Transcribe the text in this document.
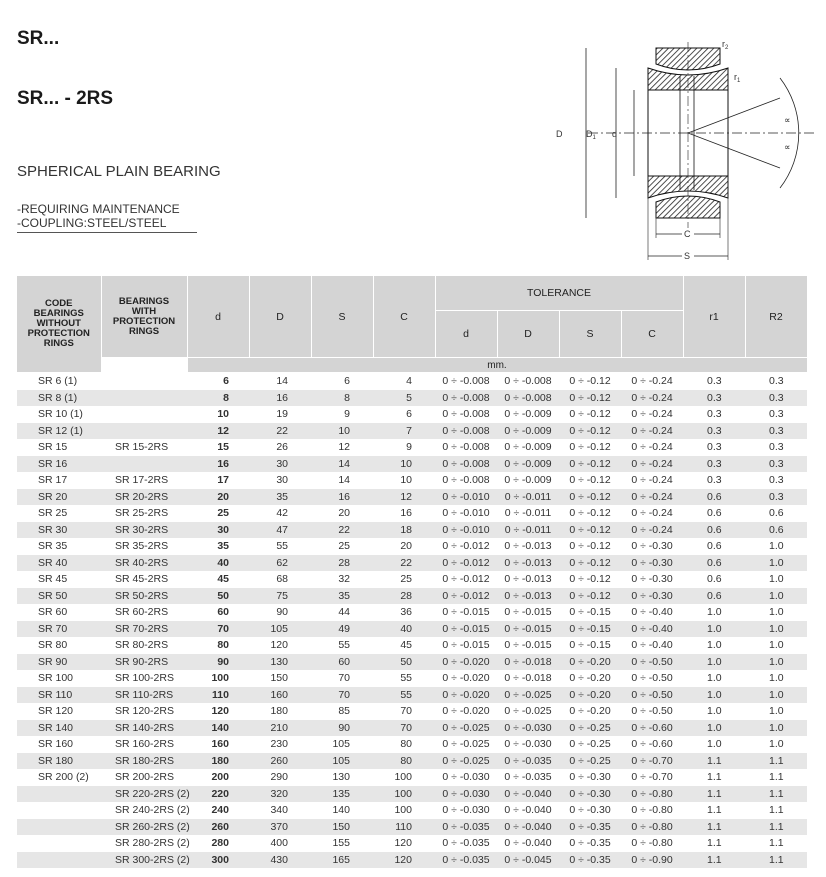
SR...
SR... - 2RS
SPHERICAL PLAIN BEARING
-REQUIRING MAINTENANCE
-COUPLING:STEEL/STEEL
D	$D_1$ d
∝
∝
$r_2$
$r_1$
C
S
CODE BEARINGS WITHOUT PROTECTION RINGS	BEARINGS WITH PROTECTION RINGS	d	D	S	C	TOLERANCE				r1	R2
						d	D	S	C		
		mm.									
SR 6 (1)		6	14	6	4	0 ÷ -0.008	0 ÷ -0.008	0 ÷ -0.12	0 ÷ -0.24	0.3	0.3
SR 8 (1)		8	16	8	5	0 ÷ -0.008	0 ÷ -0.008	0 ÷ -0.12	0 ÷ -0.24	0.3	0.3
SR 10 (1)		10	19	9	6	0 ÷ -0.008	0 ÷ -0.009	0 ÷ -0.12	0 ÷ -0.24	0.3	0.3
SR 12 (1)		12	22	10	7	0 ÷ -0.008	0 ÷ -0.009	0 ÷ -0.12	0 ÷ -0.24	0.3	0.3
SR 15	SR 15-2RS	15	26	12	9	0 ÷ -0.008	0 ÷ -0.009	0 ÷ -0.12	0 ÷ -0.24	0.3	0.3
SR 16		16	30	14	10	0 ÷ -0.008	0 ÷ -0.009	0 ÷ -0.12	0 ÷ -0.24	0.3	0.3
SR 17	SR 17-2RS	17	30	14	10	0 ÷ -0.008	0 ÷ -0.009	0 ÷ -0.12	0 ÷ -0.24	0.3	0.3
SR 20	SR 20-2RS	20	35	16	12	0 ÷ -0.010	0 ÷ -0.011	0 ÷ -0.12	0 ÷ -0.24	0.6	0.3
SR 25	SR 25-2RS	25	42	20	16	0 ÷ -0.010	0 ÷ -0.011	0 ÷ -0.12	0 ÷ -0.24	0.6	0.6
SR 30	SR 30-2RS	30	47	22	18	0 ÷ -0.010	0 ÷ -0.011	0 ÷ -0.12	0 ÷ -0.24	0.6	0.6
SR 35	SR 35-2RS	35	55	25	20	0 ÷ -0.012	0 ÷ -0.013	0 ÷ -0.12	0 ÷ -0.30	0.6	1.0
SR 40	SR 40-2RS	40	62	28	22	0 ÷ -0.012	0 ÷ -0.013	0 ÷ -0.12	0 ÷ -0.30	0.6	1.0
SR 45	SR 45-2RS	45	68	32	25	0 ÷ -0.012	0 ÷ -0.013	0 ÷ -0.12	0 ÷ -0.30	0.6	1.0
SR 50	SR 50-2RS	50	75	35	28	0 ÷ -0.012	0 ÷ -0.013	0 ÷ -0.12	0 ÷ -0.30	0.6	1.0
SR 60	SR 60-2RS	60	90	44	36	0 ÷ -0.015	0 ÷ -0.015	0 ÷ -0.15	0 ÷ -0.40	1.0	1.0
SR 70	SR 70-2RS	70	105	49	40	0 ÷ -0.015	0 ÷ -0.015	0 ÷ -0.15	0 ÷ -0.40	1.0	1.0
SR 80	SR 80-2RS	80	120	55	45	0 ÷ -0.015	0 ÷ -0.015	0 ÷ -0.15	0 ÷ -0.40	1.0	1.0
SR 90	SR 90-2RS	90	130	60	50	0 ÷ -0.020	0 ÷ -0.018	0 ÷ -0.20	0 ÷ -0.50	1.0	1.0
SR 100	SR 100-2RS	100	150	70	55	0 ÷ -0.020	0 ÷ -0.018	0 ÷ -0.20	0 ÷ -0.50	1.0	1.0
SR 110	SR 110-2RS	110	160	70	55	0 ÷ -0.020	0 ÷ -0.025	0 ÷ -0.20	0 ÷ -0.50	1.0	1.0
SR 120	SR 120-2RS	120	180	85	70	0 ÷ -0.020	0 ÷ -0.025	0 ÷ -0.20	0 ÷ -0.50	1.0	1.0
SR 140	SR 140-2RS	140	210	90	70	0 ÷ -0.025	0 ÷ -0.030	0 ÷ -0.25	0 ÷ -0.60	1.0	1.0
SR 160	SR 160-2RS	160	230	105	80	0 ÷ -0.025	0 ÷ -0.030	0 ÷ -0.25	0 ÷ -0.60	1.0	1.0
SR 180	SR 180-2RS	180	260	105	80	0 ÷ -0.025	0 ÷ -0.035	0 ÷ -0.25	0 ÷ -0.70	1.1	1.1
SR 200 (2)	SR 200-2RS	200	290	130	100	0 ÷ -0.030	0 ÷ -0.035	0 ÷ -0.30	0 ÷ -0.70	1.1	1.1
	SR 220-2RS (2)	220	320	135	100	0 ÷ -0.030	0 ÷ -0.040	0 ÷ -0.30	0 ÷ -0.80	1.1	1.1
	SR 240-2RS (2)	240	340	140	100	0 ÷ -0.030	0 ÷ -0.040	0 ÷ -0.30	0 ÷ -0.80	1.1	1.1
	SR 260-2RS (2)	260	370	150	110	0 ÷ -0.035	0 ÷ -0.040	0 ÷ -0.35	0 ÷ -0.80	1.1	1.1
	SR 280-2RS (2)	280	400	155	120	0 ÷ -0.035	0 ÷ -0.040	0 ÷ -0.35	0 ÷ -0.80	1.1	1.1
	SR 300-2RS (2)	300	430	165	120	0 ÷ -0.035	0 ÷ -0.045	0 ÷ -0.35	0 ÷ -0.90	1.1	1.1
